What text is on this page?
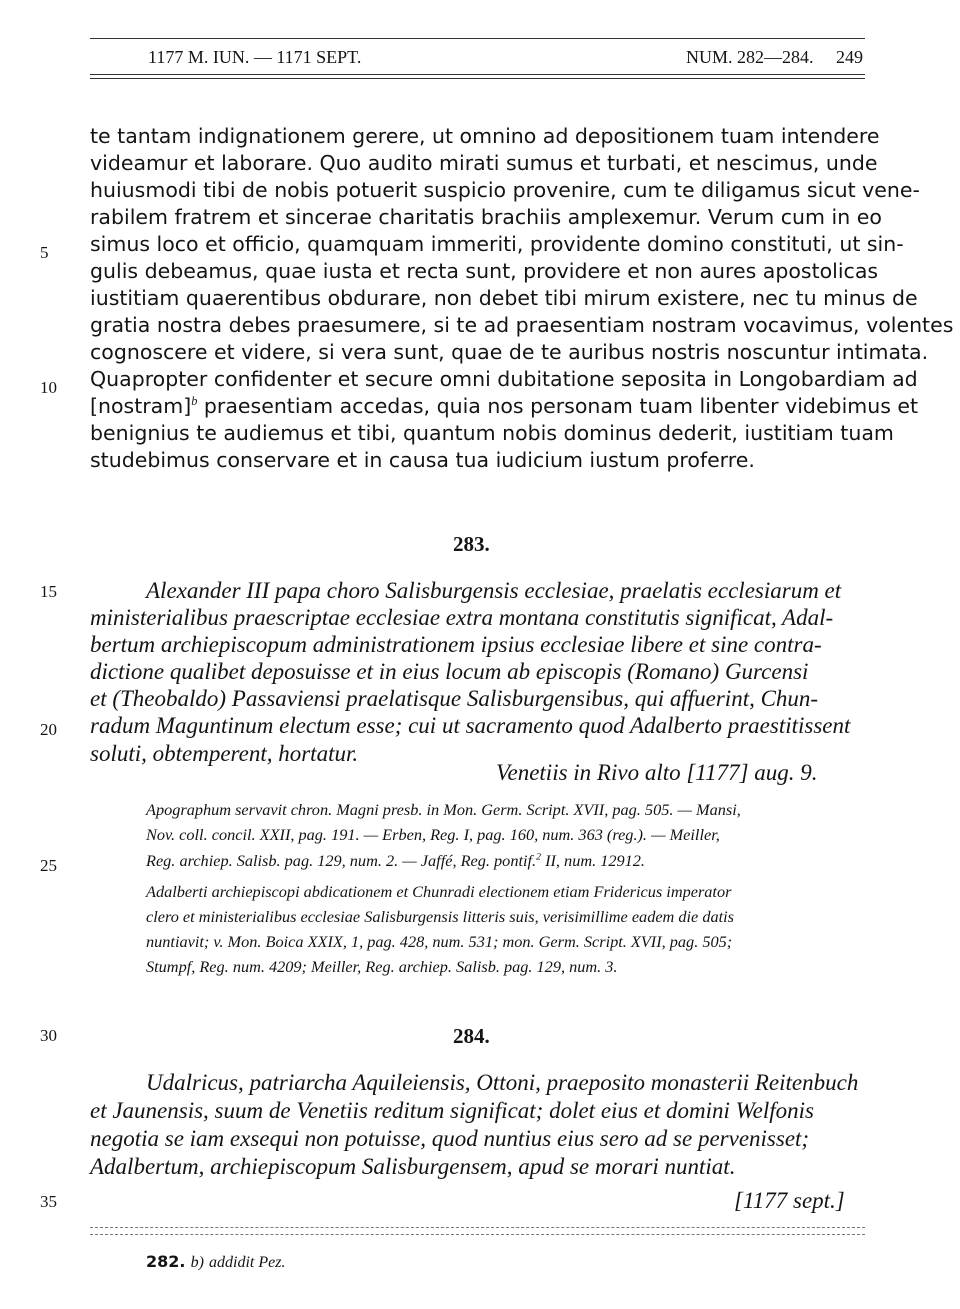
1177 M. IUN. — 1171 SEPT.	NUM. 282—284. 249
5
10
15
20
25
30
35
te tantam indignationem gerere, ut omnino ad depositionem tuam intendere
videamur et laborare. Quo audito mirati sumus et turbati, et nescimus, unde
huiusmodi tibi de nobis potuerit suspicio provenire, cum te diligamus sicut vene-
rabilem fratrem et sincerae charitatis brachiis amplexemur. Verum cum in eo
simus loco et officio, quamquam immeriti, providente domino constituti, ut sin-
gulis debeamus, quae iusta et recta sunt, providere et non aures apostolicas
iustitiam quaerentibus obdurare, non debet tibi mirum existere, nec tu minus de
gratia nostra debes praesumere, si te ad praesentiam nostram vocavimus, volentes
cognoscere et videre, si vera sunt, quae de te auribus nostris noscuntur intimata.
Quapropter confidenter et secure omni dubitatione seposita in Longobardiam ad
[nostram]$^b$ praesentiam accedas, quia nos personam tuam libenter videbimus et
benignius te audiemus et tibi, quantum nobis dominus dederit, iustitiam tuam
studebimus conservare et in causa tua iudicium iustum proferre.
283.
Alexander III papa choro Salisburgensis ecclesiae, praelatis ecclesiarum et
ministerialibus praescriptae ecclesiae extra montana constitutis significat, Adal-
bertum archiepiscopum administrationem ipsius ecclesiae libere et sine contra-
dictione qualibet deposuisse et in eius locum ab episcopis (Romano) Gurcensi
et (Theobaldo) Passaviensi praelatisque Salisburgensibus, qui affuerint, Chun-
radum Maguntinum electum esse; cui ut sacramento quod Adalberto praestitissent
soluti, obtemperent, hortatur.
Venetiis in Rivo alto [1177] aug. 9.
Apographum servavit chron. Magni presb. in Mon. Germ. Script. XVII, pag. 505. — Mansi,
Nov. coll. concil. XXII, pag. 191. — Erben, Reg. I, pag. 160, num. 363 (reg.). — Meiller,
Reg. archiep. Salisb. pag. 129, num. 2. — Jaffé, Reg. pontif.$^2$ II, num. 12912.
Adalberti archiepiscopi abdicationem et Chunradi electionem etiam Fridericus imperator
clero et ministerialibus ecclesiae Salisburgensis litteris suis, verisimillime eadem die datis
nuntiavit; v. Mon. Boica XXIX, 1, pag. 428, num. 531; mon. Germ. Script. XVII, pag. 505;
Stumpf, Reg. num. 4209; Meiller, Reg. archiep. Salisb. pag. 129, num. 3.
284.
Udalricus, patriarcha Aquileiensis, Ottoni, praeposito monasterii Reitenbuch
et Jaunensis, suum de Venetiis reditum significat; dolet eius et domini Welfonis
negotia se iam exsequi non potuisse, quod nuntius eius sero ad se pervenisset;
Adalbertum, archiepiscopum Salisburgensem, apud se morari nuntiat.
[1177 sept.]
282. b) addidit Pez.
